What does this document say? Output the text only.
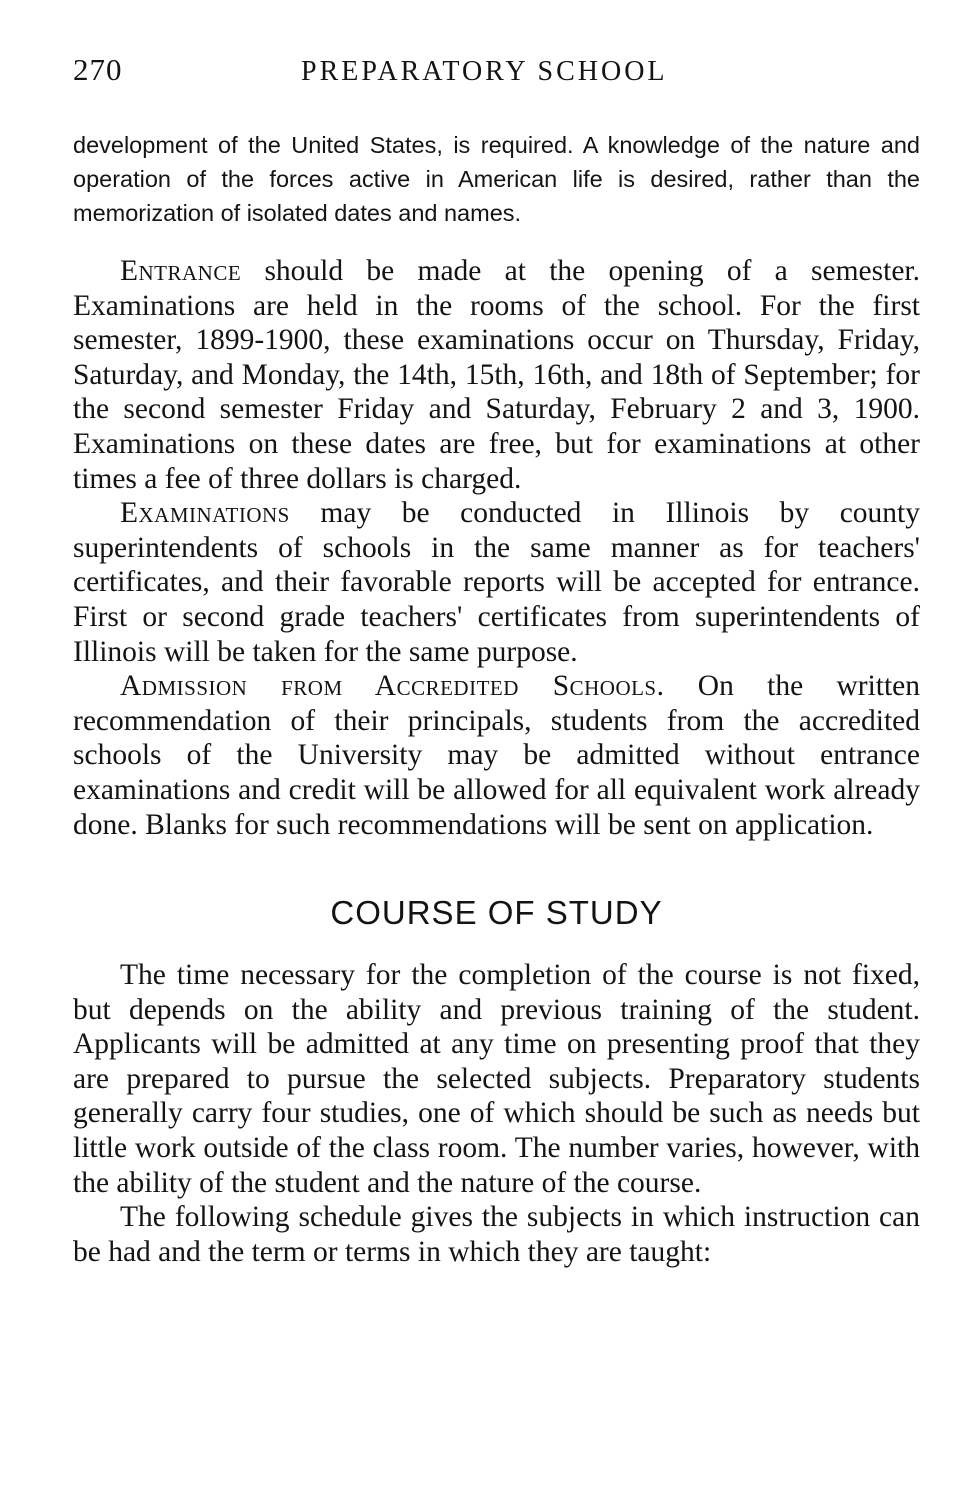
270	PREPARATORY SCHOOL

development of the United States, is required. A knowledge of the nature and operation of the forces active in American life is desired, rather than the memorization of isolated dates and names.

Entrance should be made at the opening of a semester. Examinations are held in the rooms of the school. For the first semester, 1899-1900, these examinations occur on Thursday, Friday, Saturday, and Monday, the 14th, 15th, 16th, and 18th of September; for the second semester Friday and Saturday, February 2 and 3, 1900. Examinations on these dates are free, but for examinations at other times a fee of three dollars is charged.

Examinations may be conducted in Illinois by county superintendents of schools in the same manner as for teachers' certificates, and their favorable reports will be accepted for entrance. First or second grade teachers' certificates from superintendents of Illinois will be taken for the same purpose.

Admission from Accredited Schools. On the written recommendation of their principals, students from the accredited schools of the University may be admitted without entrance examinations and credit will be allowed for all equivalent work already done. Blanks for such recommendations will be sent on application.

COURSE OF STUDY

The time necessary for the completion of the course is not fixed, but depends on the ability and previous training of the student. Applicants will be admitted at any time on presenting proof that they are prepared to pursue the selected subjects. Preparatory students generally carry four studies, one of which should be such as needs but little work outside of the class room. The number varies, however, with the ability of the student and the nature of the course.

The following schedule gives the subjects in which instruction can be had and the term or terms in which they are taught:
